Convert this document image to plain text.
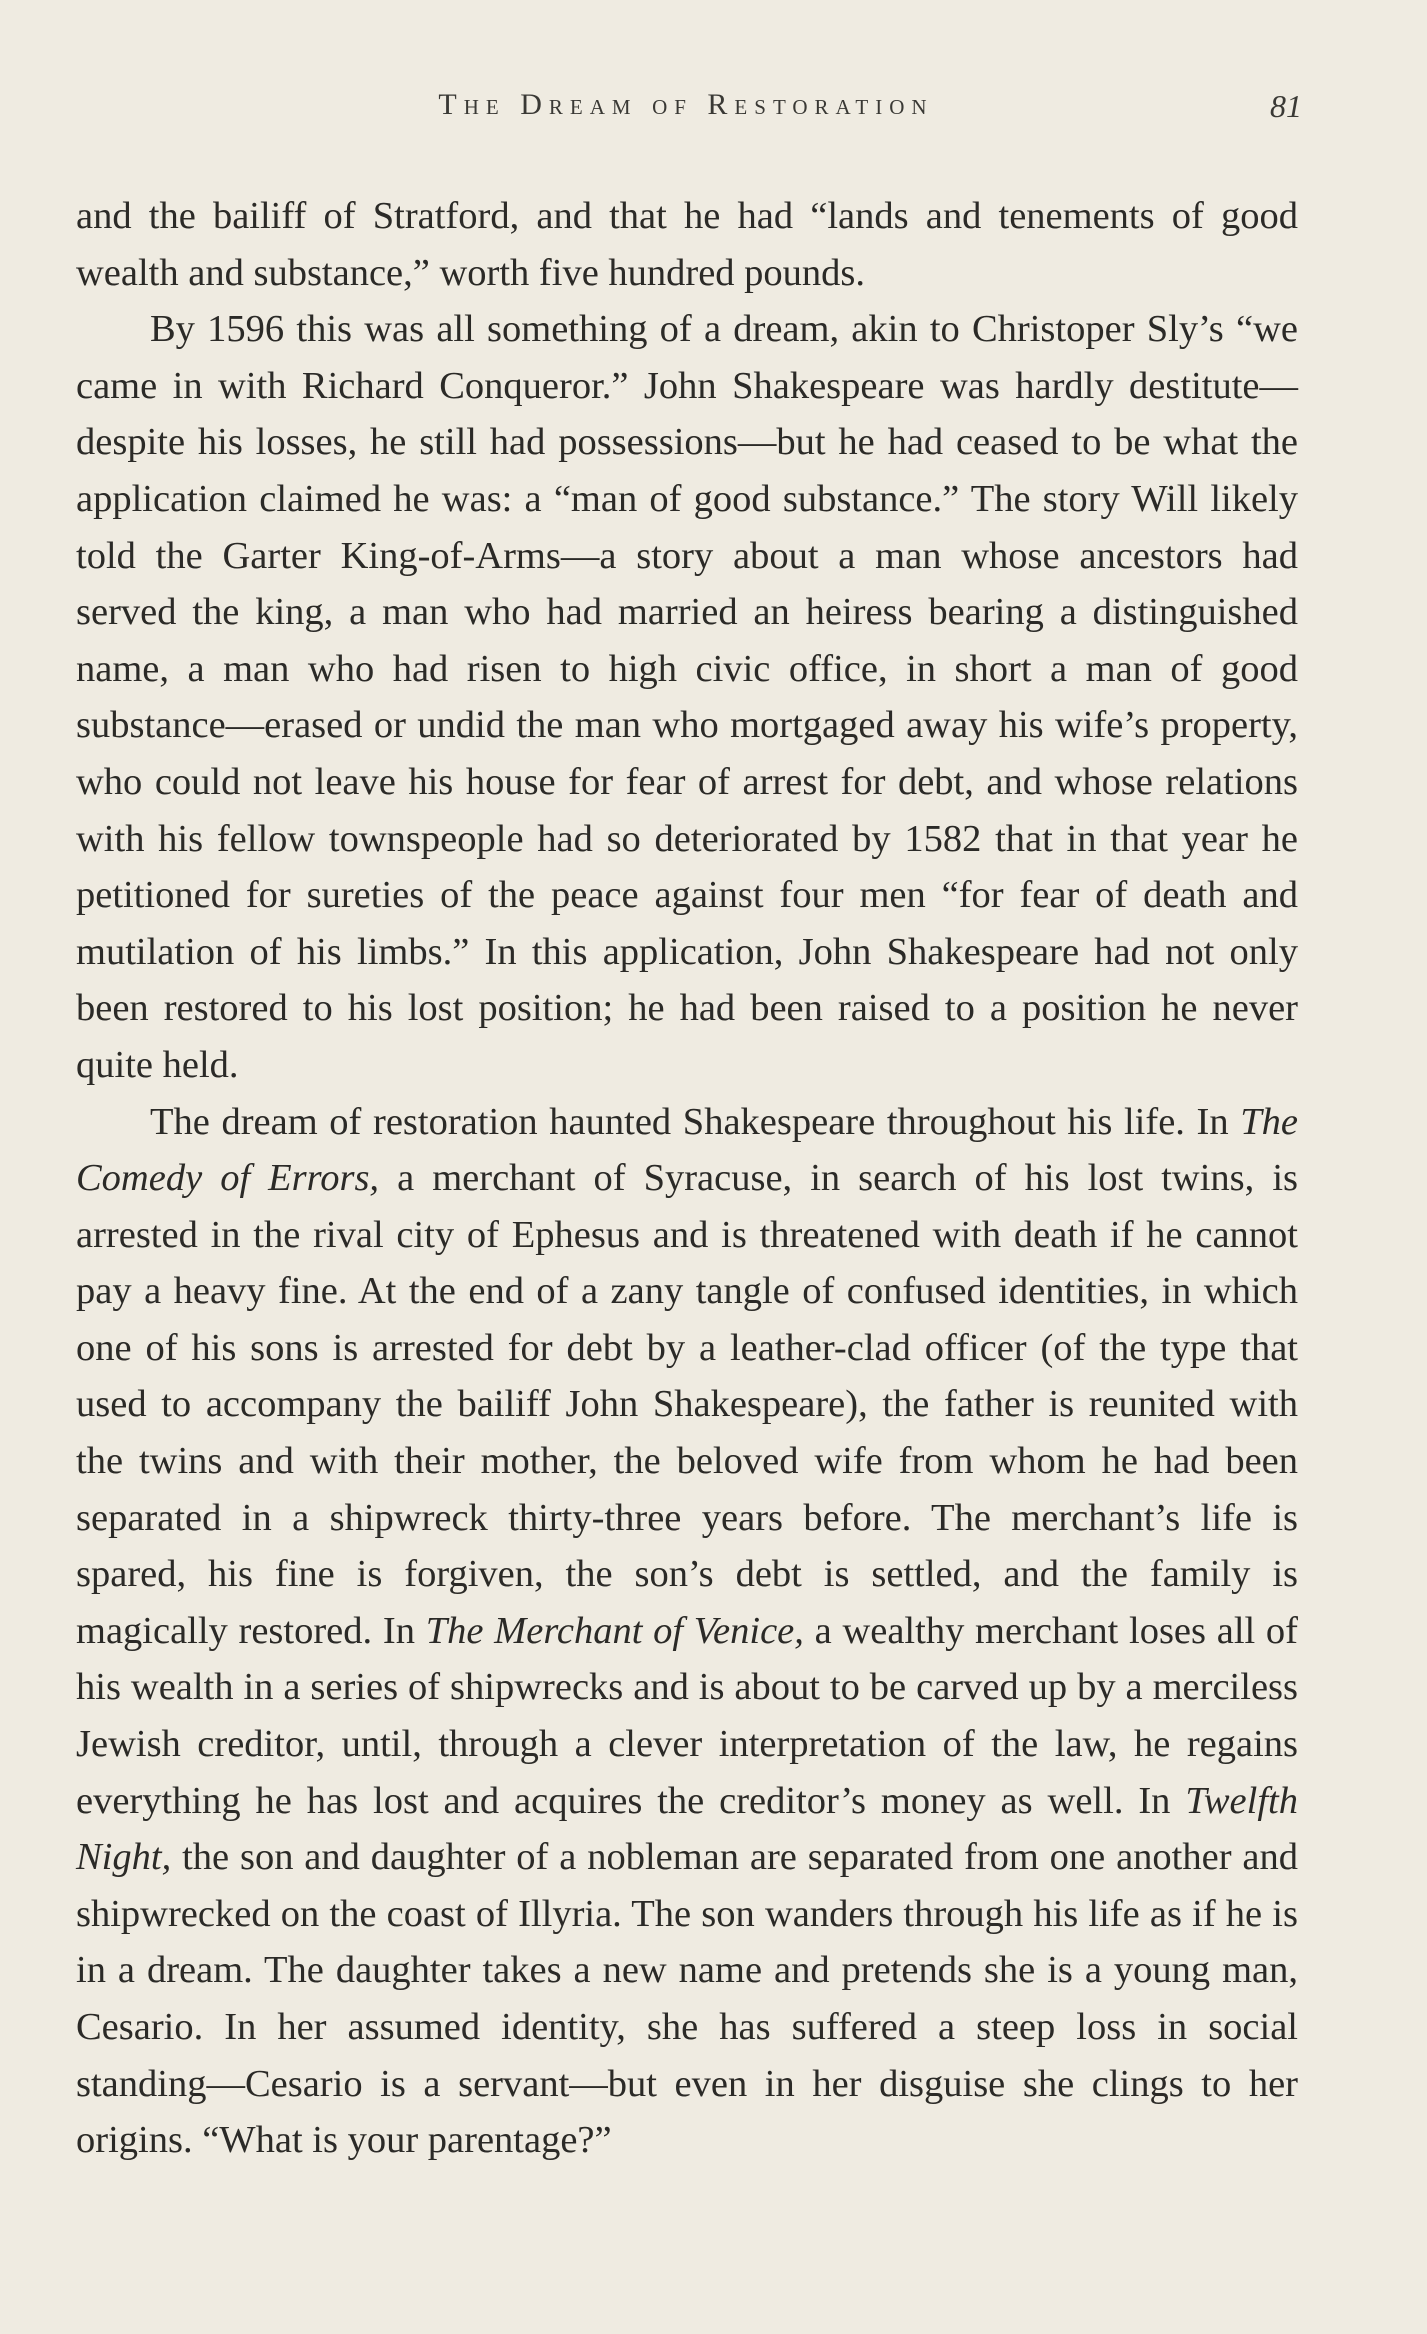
The Dream of Restoration	81

and the bailiff of Stratford, and that he had “lands and tenements of good wealth and substance,” worth five hundred pounds.

By 1596 this was all something of a dream, akin to Christoper Sly’s “we came in with Richard Conqueror.” John Shakespeare was hardly destitute—despite his losses, he still had possessions—but he had ceased to be what the application claimed he was: a “man of good substance.” The story Will likely told the Garter King-of-Arms—a story about a man whose ancestors had served the king, a man who had married an heiress bearing a distinguished name, a man who had risen to high civic office, in short a man of good substance—erased or undid the man who mortgaged away his wife’s property, who could not leave his house for fear of arrest for debt, and whose relations with his fellow townspeople had so deteriorated by 1582 that in that year he petitioned for sureties of the peace against four men “for fear of death and mutilation of his limbs.” In this application, John Shakespeare had not only been restored to his lost position; he had been raised to a position he never quite held.

The dream of restoration haunted Shakespeare throughout his life. In The Comedy of Errors, a merchant of Syracuse, in search of his lost twins, is arrested in the rival city of Ephesus and is threatened with death if he cannot pay a heavy fine. At the end of a zany tangle of confused identities, in which one of his sons is arrested for debt by a leather-clad officer (of the type that used to accompany the bailiff John Shakespeare), the father is reunited with the twins and with their mother, the beloved wife from whom he had been separated in a shipwreck thirty-three years before. The merchant’s life is spared, his fine is forgiven, the son’s debt is settled, and the family is magically restored. In The Merchant of Venice, a wealthy merchant loses all of his wealth in a series of shipwrecks and is about to be carved up by a merciless Jewish creditor, until, through a clever interpretation of the law, he regains everything he has lost and acquires the creditor’s money as well. In Twelfth Night, the son and daughter of a nobleman are separated from one another and shipwrecked on the coast of Illyria. The son wanders through his life as if he is in a dream. The daughter takes a new name and pretends she is a young man, Cesario. In her assumed identity, she has suffered a steep loss in social standing—Cesario is a servant—but even in her disguise she clings to her origins. “What is your parentage?”
